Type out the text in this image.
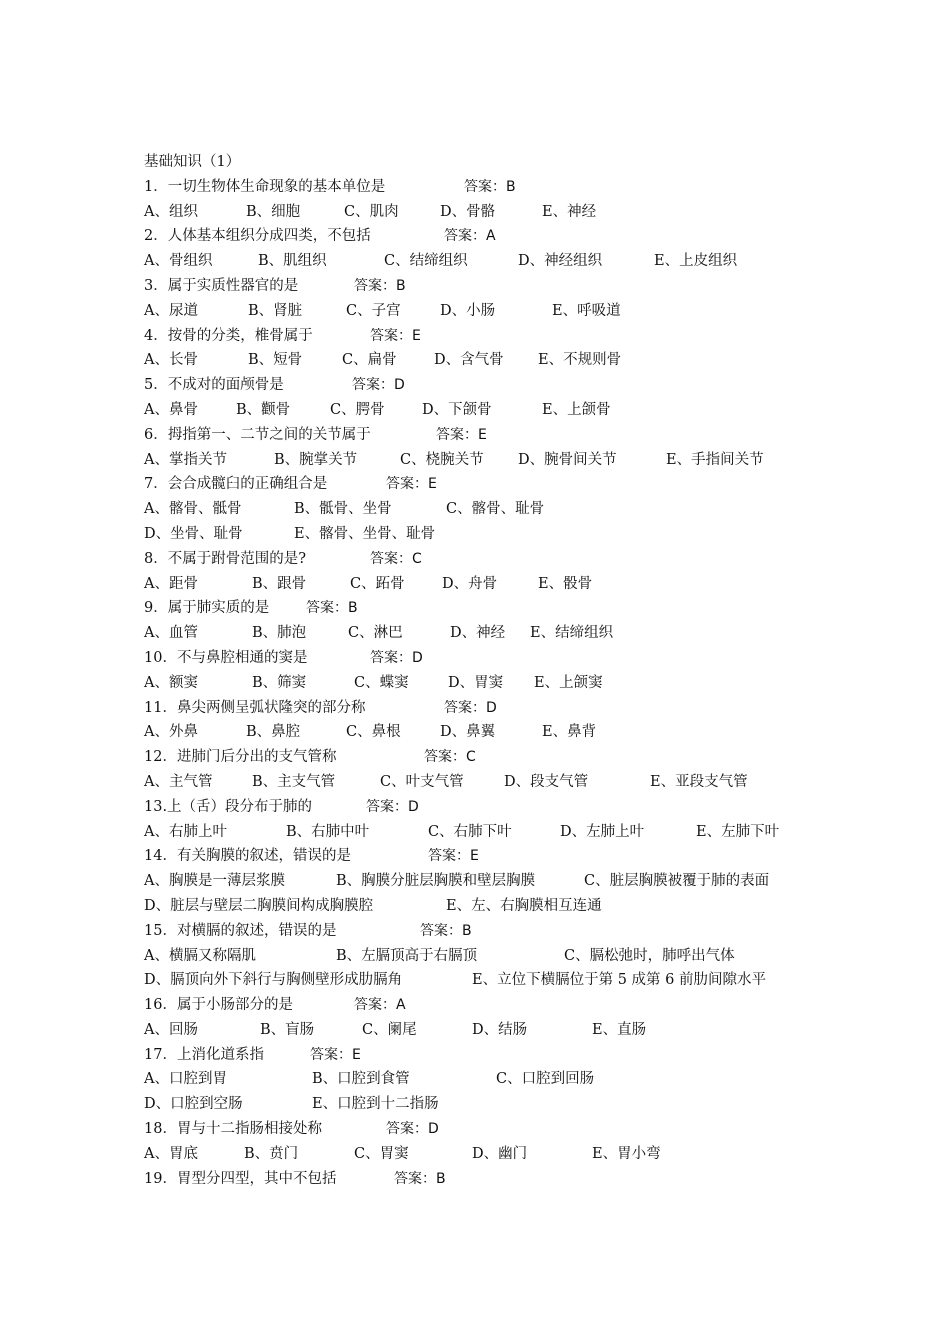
基础知识（1）
1．一切生物体生命现象的基本单位是	答案：B
A、组织	B、细胞	C、肌肉	D、骨骼	E、神经
2．人体基本组织分成四类，不包括	答案：A
A、骨组织	B、肌组织	C、结缔组织	D、神经组织	E、上皮组织
3．属于实质性器官的是	答案：B
A、尿道	B、肾脏	C、子宫	D、小肠	E、呼吸道
4．按骨的分类，椎骨属于	答案：E
A、长骨	B、短骨	C、扁骨	D、含气骨 E、不规则骨
5．不成对的面颅骨是	答案：D
A、鼻骨	B、颧骨	C、腭骨	D、下颌骨	E、上颌骨
6．拇指第一、二节之间的关节属于	答案：E
A、掌指关节	B、腕掌关节	C、桡腕关节 D、腕骨间关节	E、手指间关节
7．会合成髋臼的正确组合是	答案：E
A、髂骨、骶骨	B、骶骨、坐骨	C、髂骨、耻骨
D、坐骨、耻骨	E、髂骨、坐骨、耻骨
8．不属于跗骨范围的是?	答案：C
A、距骨	B、跟骨	C、跖骨	D、舟骨	E、骰骨
9．属于肺实质的是	答案：B
A、血管	B、肺泡	C、淋巴	D、神经 E、结缔组织
10．不与鼻腔相通的窦是	答案：D
A、额窦	B、筛窦	C、蝶窦	D、胃窦 E、上颌窦
11．鼻尖两侧呈弧状隆突的部分称	答案：D
A、外鼻	B、鼻腔	C、鼻根	D、鼻翼	E、鼻背
12．进肺门后分出的支气管称	答案：C
A、主气管	B、主支气管	C、叶支气管	D、段支气管	E、亚段支气管
13.上（舌）段分布于肺的	答案：D
A、右肺上叶	B、右肺中叶	C、右肺下叶	D、左肺上叶	E、左肺下叶
14．有关胸膜的叙述，错误的是	答案：E
A、胸膜是一薄层浆膜	B、胸膜分脏层胸膜和壁层胸膜	C、脏层胸膜被覆于肺的表面
D、脏层与壁层二胸膜间构成胸膜腔	E、左、右胸膜相互连通
15．对横膈的叙述，错误的是	答案：B
A、横膈又称隔肌	B、左膈顶高于右膈顶	C、膈松弛时，肺呼出气体
D、膈顶向外下斜行与胸侧壁形成肋膈角	E、立位下横膈位于第 5 成第 6 前肋间隙水平
16．属于小肠部分的是	答案：A
A、回肠	B、盲肠	C、阑尾	D、结肠	E、直肠
17．上消化道系指	答案：E
A、口腔到胃	B、口腔到食管	C、口腔到回肠
D、口腔到空肠	E、口腔到十二指肠
18．胃与十二指肠相接处称	答案：D
A、胃底	B、贲门	C、胃窦	D、幽门	E、胃小弯
19．胃型分四型，其中不包括	答案：B
